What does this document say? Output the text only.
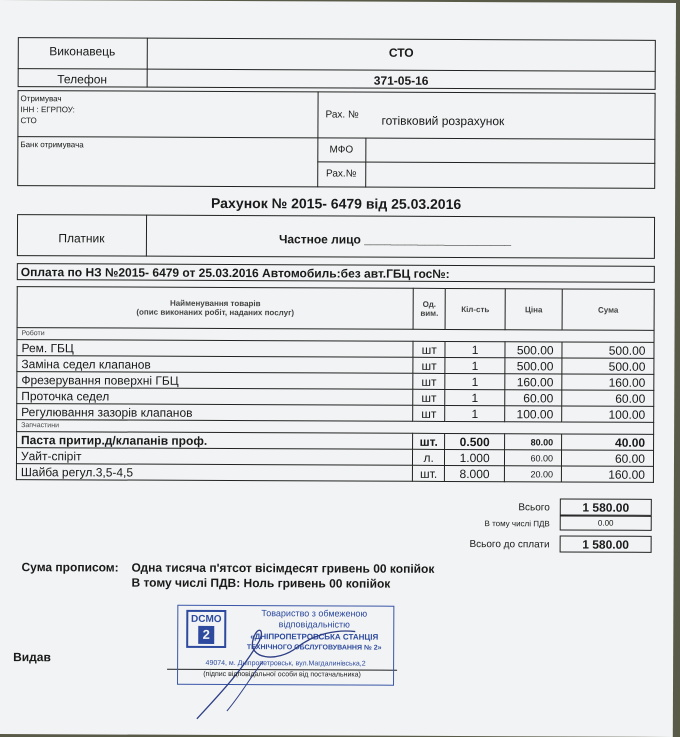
Виконавець	СТО
Телефон	371-05-16
Отримувач
ІНН : ЕГРПОУ:
СТО
Рах. № готівковий розрахунок
Банк отримувача	МФО
Рах.№
Рахунок № 2015- 6479 від 25.03.2016
Платник	Частное лицо ______________________
Оплата по НЗ №2015- 6479 от 25.03.2016 Автомобиль:без авт.ГБЦ гос№:
Найменування товарів
(опис виконаних робіт, наданих послуг)	Од. вим.	Кіл-сть	Ціна	Сума
Роботи				
Рем. ГБЦ	шт	1	500.00	500.00
Заміна седел клапанов	шт	1	500.00	500.00
Фрезерування поверхні ГБЦ	шт	1	160.00	160.00
Проточка седел	шт	1	60.00	60.00
Регулювання зазорів клапанов	шт	1	100.00	100.00
Запчастини				
Паста притир.д/клапанів проф.	шт.	0.500	80.00	40.00
Уайт-спіріт	л.	1.000	60.00	60.00
Шайба регул.3,5-4,5	шт.	8.000	20.00	160.00
Всього	1 580.00
В тому числі ПДВ	0.00
Всього до сплати	1 580.00
Сума прописом: Одна тисяча п'ятсот вісімдесят гривень 00 копійок
В тому числі ПДВ: Ноль гривень 00 копійок
Видав
DCMO
2
Товариство з обмеженою
відповідальністю
«ДНІПРОПЕТРОВСЬКА СТАНЦІЯ
ТЕХНІЧНОГО ОБСЛУГОВУВАННЯ № 2»
49074, м. Дніпропетровськ, вул.Магдалинівська,2
(підпис відповідальної особи від постачальника)
